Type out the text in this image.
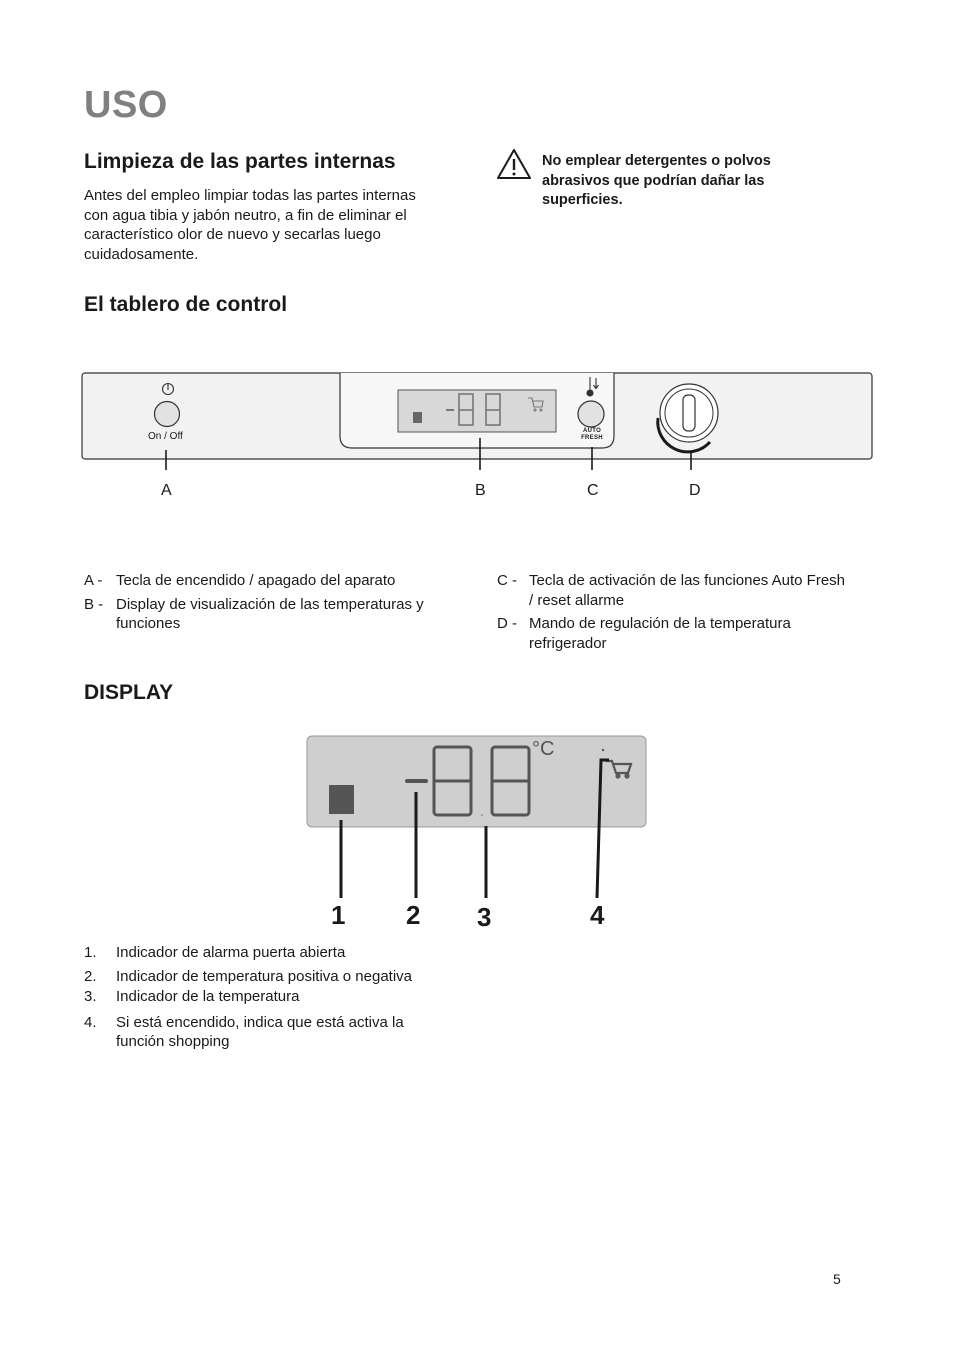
USO
Limpieza de las partes internas
Antes del empleo limpiar todas las partes internas
con agua tibia y jabón neutro, a fin de eliminar el
característico olor de nuevo y secarlas luego
cuidadosamente.
No emplear detergentes o polvos
abrasivos que podrían dañar las
superficies.
El tablero de control
On / Off	AUTO
FRESH
A	B	C	D
A - Tecla de encendido / apagado del aparato
B - Display de visualización de las temperaturas y
funciones
C - Tecla de activación de las funciones Auto Fresh
/ reset allarme
D - Mando de regulación de la temperatura
refrigerador
DISPLAY
°C
1 2 3	4
1. Indicador de alarma puerta abierta
2. Indicador de temperatura positiva o negativa
3. Indicador de la temperatura
4. Si está encendido, indica que está activa la
función shopping
5
